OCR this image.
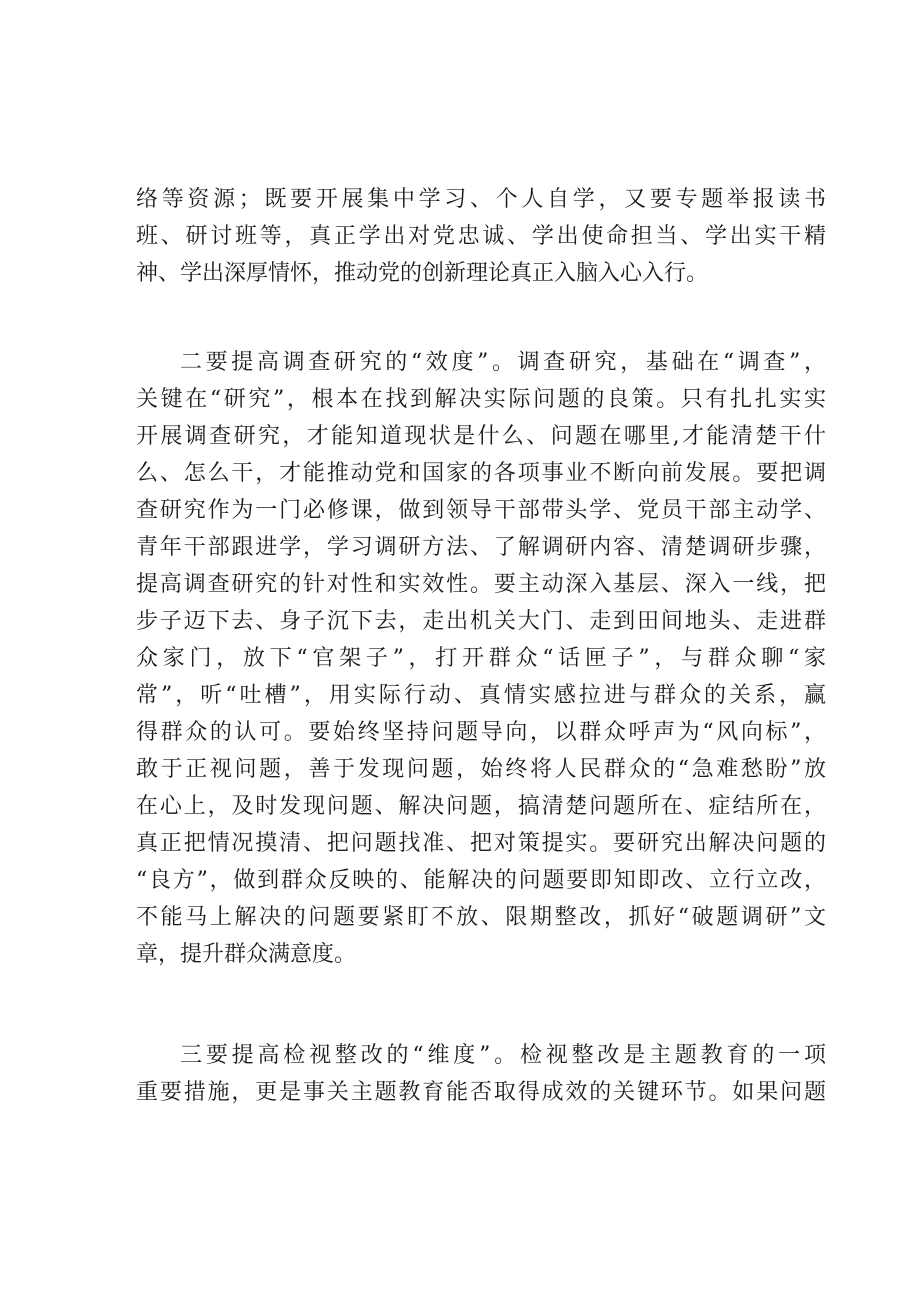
络等资源；既要开展集中学习、个人自学，又要专题举报读书
班、研讨班等，真正学出对党忠诚、学出使命担当、学出实干精
神、学出深厚情怀，推动党的创新理论真正入脑入心入行。
二要提高调查研究的“效度”。调查研究，基础在“调查”，
关键在“研究”，根本在找到解决实际问题的良策。只有扎扎实实
开展调查研究，才能知道现状是什么、问题在哪里,才能清楚干什
么、怎么干，才能推动党和国家的各项事业不断向前发展。要把调
查研究作为一门必修课，做到领导干部带头学、党员干部主动学、
青年干部跟进学，学习调研方法、了解调研内容、清楚调研步骤，
提高调查研究的针对性和实效性。要主动深入基层、深入一线，把
步子迈下去、身子沉下去，走出机关大门、走到田间地头、走进群
众家门，放下“官架子”，打开群众“话匣子”，与群众聊“家
常”，听“吐槽”，用实际行动、真情实感拉进与群众的关系，赢
得群众的认可。要始终坚持问题导向，以群众呼声为“风向标”，
敢于正视问题，善于发现问题，始终将人民群众的“急难愁盼”放
在心上，及时发现问题、解决问题，搞清楚问题所在、症结所在，
真正把情况摸清、把问题找准、把对策提实。要研究出解决问题的
“良方”，做到群众反映的、能解决的问题要即知即改、立行立改，
不能马上解决的问题要紧盯不放、限期整改，抓好“破题调研”文
章，提升群众满意度。
三要提高检视整改的“维度”。检视整改是主题教育的一项
重要措施，更是事关主题教育能否取得成效的关键环节。如果问题
